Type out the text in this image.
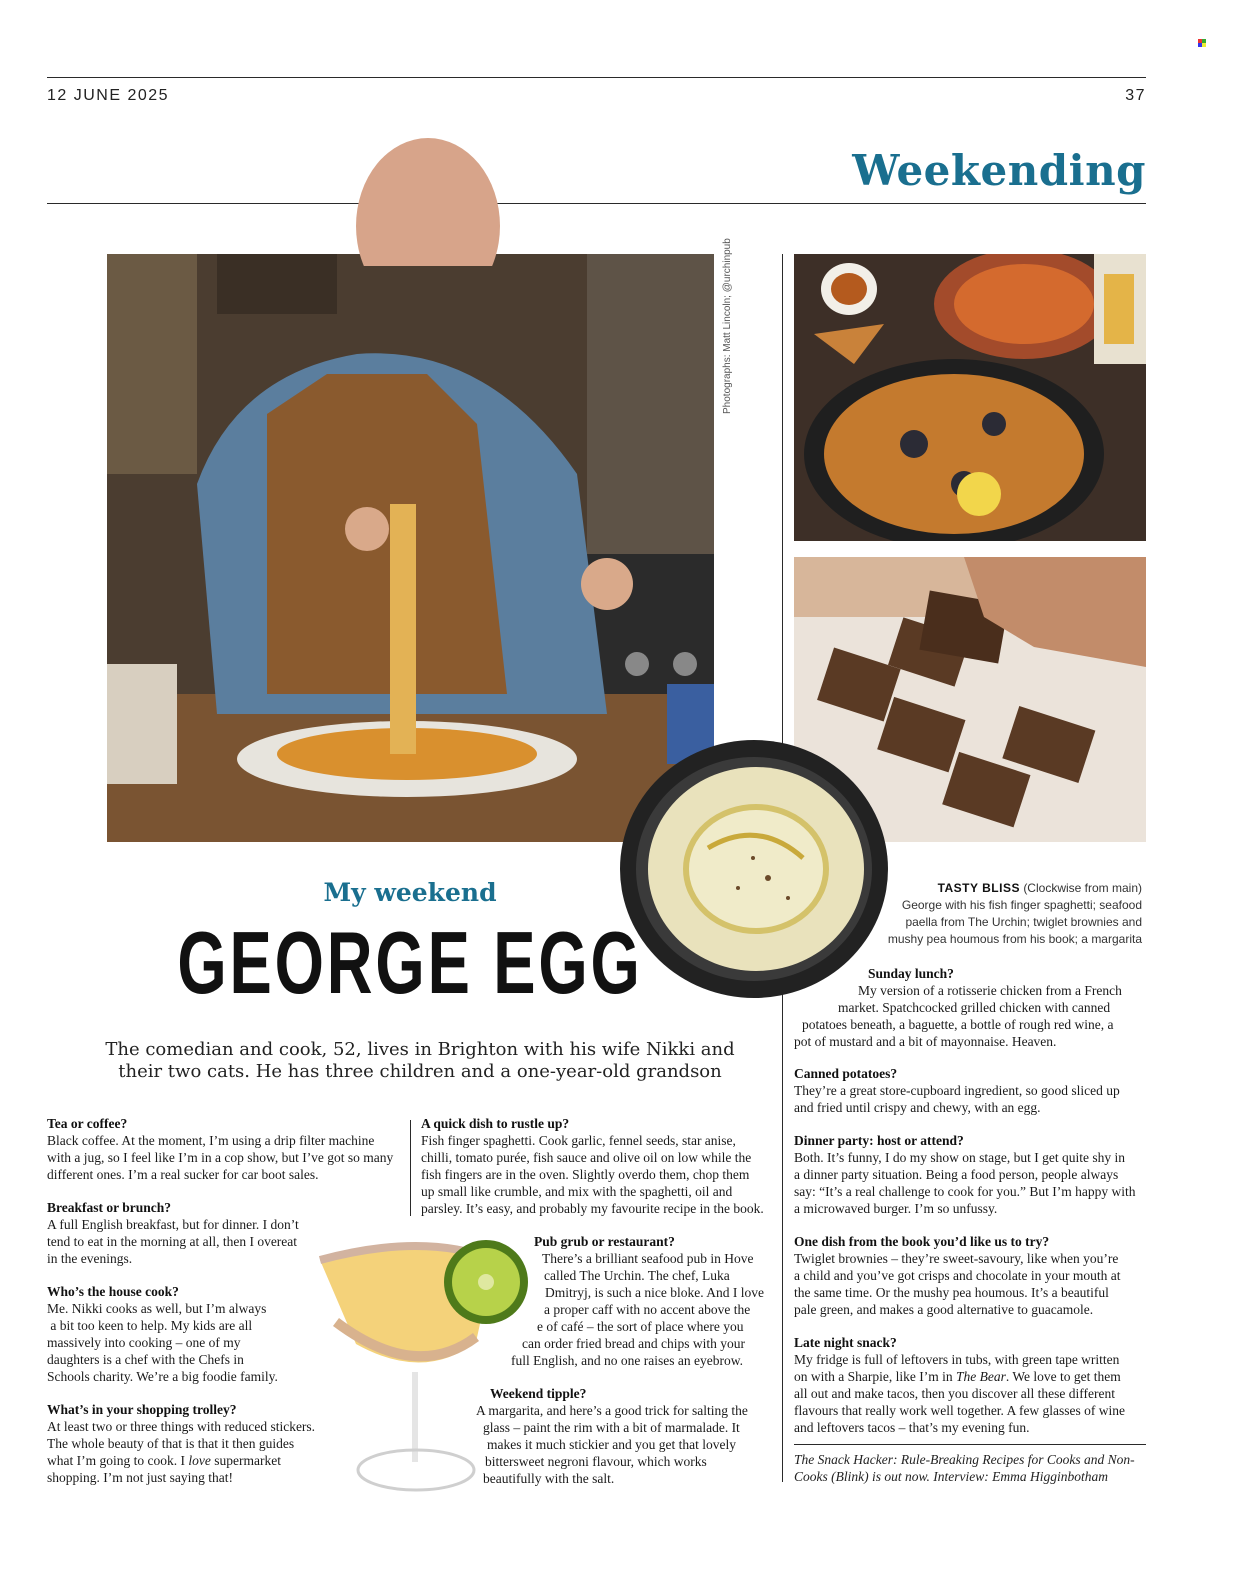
12 JUNE 2025	37
Weekending
Photographs: Matt Lincoln; @urchinpub
TASTY BLISS (Clockwise from main)
George with his fish finger spaghetti; seafood
paella from The Urchin; twiglet brownies and
mushy pea houmous from his book; a margarita
My weekend
GEORGE EGG
The comedian and cook, 52, lives in Brighton with his wife Nikki and
their two cats. He has three children and a one-year-old grandson
Tea or coffee?
Black coffee. At the moment, I’m using a drip filter machine
with a jug, so I feel like I’m in a cop show, but I’ve got so many
different ones. I’m a real sucker for car boot sales.
Breakfast or brunch?
A full English breakfast, but for dinner. I don’t
tend to eat in the morning at all, then I overeat
in the evenings.
Who’s the house cook?
Me. Nikki cooks as well, but I’m always
a bit too keen to help. My kids are all
massively into cooking – one of my
daughters is a chef with the Chefs in
Schools charity. We’re a big foodie family.
What’s in your shopping trolley?
At least two or three things with reduced stickers.
The whole beauty of that is that it then guides
what I’m going to cook. I love supermarket
shopping. I’m not just saying that!
A quick dish to rustle up?
Fish finger spaghetti. Cook garlic, fennel seeds, star anise,
chilli, tomato purée, fish sauce and olive oil on low while the
fish fingers are in the oven. Slightly overdo them, chop them
up small like crumble, and mix with the spaghetti, oil and
parsley. It’s easy, and probably my favourite recipe in the book.
Pub grub or restaurant?
There’s a brilliant seafood pub in Hove
called The Urchin. The chef, Luka
Dmitryj, is such a nice bloke. And I love
a proper caff with no accent above the
e of café – the sort of place where you
can order fried bread and chips with your
full English, and no one raises an eyebrow.
Weekend tipple?
A margarita, and here’s a good trick for salting the
glass – paint the rim with a bit of marmalade. It
makes it much stickier and you get that lovely
bittersweet negroni flavour, which works
beautifully with the salt.
Sunday lunch?
My version of a rotisserie chicken from a French
market. Spatchcocked grilled chicken with canned
potatoes beneath, a baguette, a bottle of rough red wine, a
pot of mustard and a bit of mayonnaise. Heaven.
Canned potatoes?
They’re a great store-cupboard ingredient, so good sliced up
and fried until crispy and chewy, with an egg.
Dinner party: host or attend?
Both. It’s funny, I do my show on stage, but I get quite shy in
a dinner party situation. Being a food person, people always
say: “It’s a real challenge to cook for you.” But I’m happy with
a microwaved burger. I’m so unfussy.
One dish from the book you’d like us to try?
Twiglet brownies – they’re sweet-savoury, like when you’re
a child and you’ve got crisps and chocolate in your mouth at
the same time. Or the mushy pea houmous. It’s a beautiful
pale green, and makes a good alternative to guacamole.
Late night snack?
My fridge is full of leftovers in tubs, with green tape written
on with a Sharpie, like I’m in The Bear. We love to get them
all out and make tacos, then you discover all these different
flavours that really work well together. A few glasses of wine
and leftovers tacos – that’s my evening fun.
The Snack Hacker: Rule-Breaking Recipes for Cooks and Non-
Cooks (Blink) is out now. Interview: Emma Higginbotham
